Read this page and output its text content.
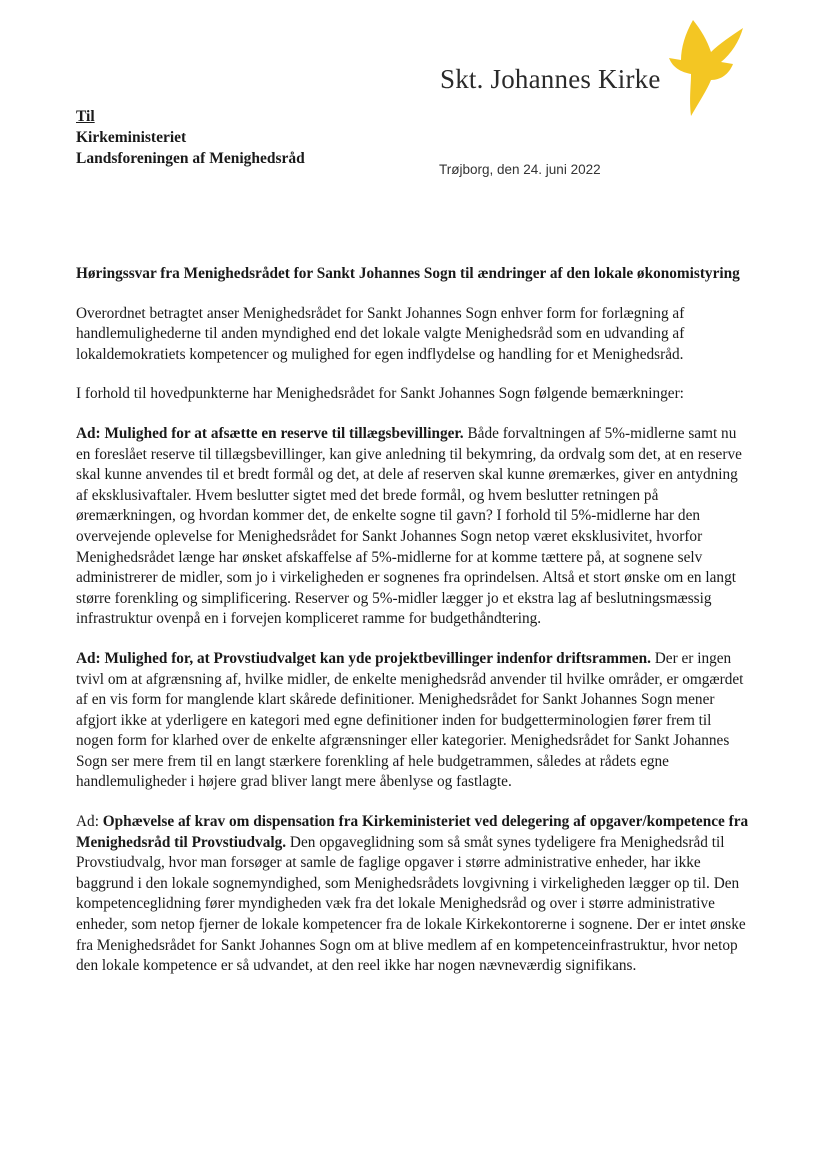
Skt. Johannes Kirke
Til
Kirkeministeriet
Landsforeningen af Menighedsråd
Trøjborg, den 24. juni 2022

Høringssvar fra Menighedsrådet for Sankt Johannes Sogn til ændringer af den lokale økonomistyring

Overordnet betragtet anser Menighedsrådet for Sankt Johannes Sogn enhver form for forlægning af handlemulighederne til anden myndighed end det lokale valgte Menighedsråd som en udvanding af lokaldemokratiets kompetencer og mulighed for egen indflydelse og handling for et Menighedsråd.

I forhold til hovedpunkterne har Menighedsrådet for Sankt Johannes Sogn følgende bemærkninger:

Ad: Mulighed for at afsætte en reserve til tillægsbevillinger. Både forvaltningen af 5%-midlerne samt nu en foreslået reserve til tillægsbevillinger, kan give anledning til bekymring, da ordvalg som det, at en reserve skal kunne anvendes til et bredt formål og det, at dele af reserven skal kunne øremærkes, giver en antydning af eksklusivaftaler. Hvem beslutter sigtet med det brede formål, og hvem beslutter retningen på øremærkningen, og hvordan kommer det, de enkelte sogne til gavn? I forhold til 5%-midlerne har den overvejende oplevelse for Menighedsrådet for Sankt Johannes Sogn netop været eksklusivitet, hvorfor Menighedsrådet længe har ønsket afskaffelse af 5%-midlerne for at komme tættere på, at sognene selv administrerer de midler, som jo i virkeligheden er sognenes fra oprindelsen. Altså et stort ønske om en langt større forenkling og simplificering. Reserver og 5%-midler lægger jo et ekstra lag af beslutningsmæssig infrastruktur ovenpå en i forvejen kompliceret ramme for budgethåndtering.

Ad: Mulighed for, at Provstiudvalget kan yde projektbevillinger indenfor driftsrammen. Der er ingen tvivl om at afgrænsning af, hvilke midler, de enkelte menighedsråd anvender til hvilke områder, er omgærdet af en vis form for manglende klart skårede definitioner. Menighedsrådet for Sankt Johannes Sogn mener afgjort ikke at yderligere en kategori med egne definitioner inden for budgetterminologien fører frem til nogen form for klarhed over de enkelte afgrænsninger eller kategorier. Menighedsrådet for Sankt Johannes Sogn ser mere frem til en langt stærkere forenkling af hele budgetrammen, således at rådets egne handlemuligheder i højere grad bliver langt mere åbenlyse og fastlagte.

Ad: Ophævelse af krav om dispensation fra Kirkeministeriet ved delegering af opgaver/kompetence fra Menighedsråd til Provstiudvalg. Den opgaveglidning som så småt synes tydeligere fra Menighedsråd til Provstiudvalg, hvor man forsøger at samle de faglige opgaver i større administrative enheder, har ikke baggrund i den lokale sognemyndighed, som Menighedsrådets lovgivning i virkeligheden lægger op til. Den kompetenceglidning fører myndigheden væk fra det lokale Menighedsråd og over i større administrative enheder, som netop fjerner de lokale kompetencer fra de lokale Kirkekontorerne i sognene. Der er intet ønske fra Menighedsrådet for Sankt Johannes Sogn om at blive medlem af en kompetenceinfrastruktur, hvor netop den lokale kompetence er så udvandet, at den reel ikke har nogen nævneværdig signifikans.
